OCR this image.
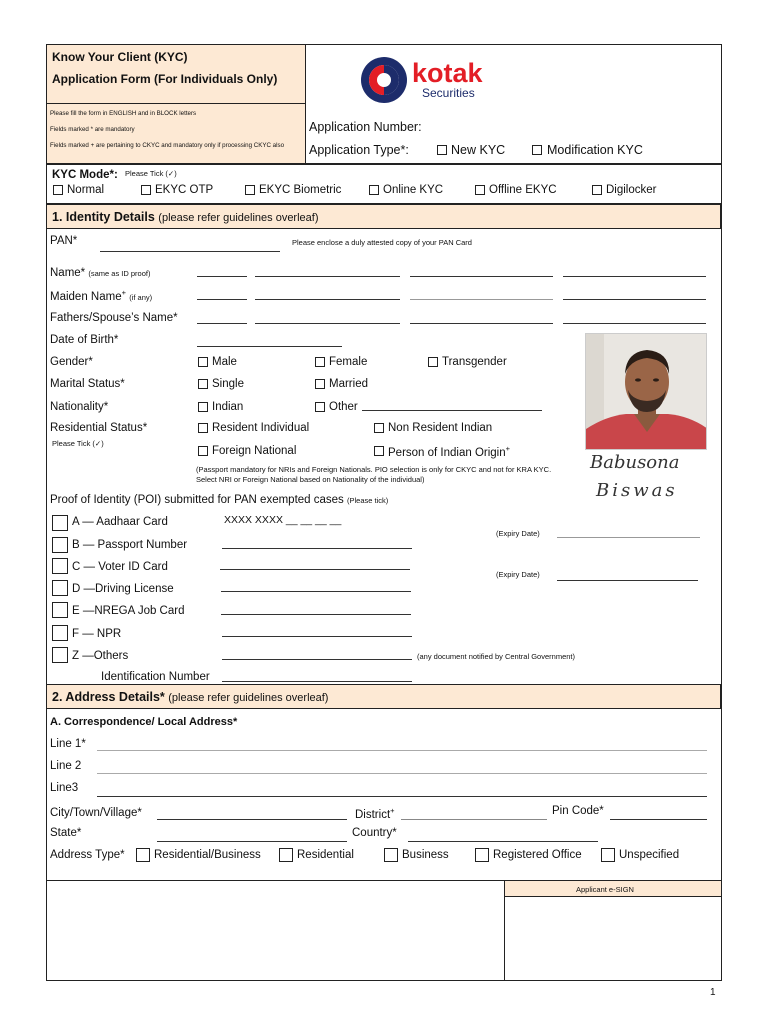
Know Your Client (KYC)
Application Form (For Individuals Only)
Please fill the form in ENGLISH and in BLOCK letters
Fields marked * are mandatory
Fields marked + are pertaining to CKYC and mandatory only if processing CKYC also
kotak
Securities
Application Number:
Application Type*:	New KYC	Modification KYC
KYC Mode*: Please Tick (✓)
Normal	EKYC OTP	EKYC Biometric	Online KYC	Offline EKYC	Digilocker
1. Identity Details (please refer guidelines overleaf)
PAN*	Please enclose a duly attested copy of your PAN Card
Name* (same as ID proof)
Maiden Name+ (if any)
Fathers/Spouse’s Name*
Date of Birth*
Gender*	Male	Female	Transgender
Marital Status*	Single	Married
Nationality*	Indian	Other
Residential Status*
Please Tick (✓)
Resident Individual	Non Resident Indian
Foreign National	Person of Indian Origin+
(Passport mandatory for NRIs and Foreign Nationals. PIO selection is only for CKYC and not for KRA KYC.
Select NRI or Foreign National based on Nationality of the individual)
Babusona
Biswas
Proof of Identity (POI) submitted for PAN exempted cases (Please tick)
A — Aadhaar Card	XXXX XXXX __ __ __ __
(Expiry Date)
B — Passport Number
C — Voter ID Card
(Expiry Date)
D —Driving License
E —NREGA Job Card
F — NPR
Z —Others	(any document notified by Central Government)
Identification Number
2. Address Details* (please refer guidelines overleaf)
A. Correspondence/ Local Address*
Line 1*
Line 2
Line3
City/Town/Village*	District+	Pin Code*
State*	Country*
Address Type*	Residential/Business	Residential	Business	Registered Office	Unspecified
Applicant e-SIGN
1
